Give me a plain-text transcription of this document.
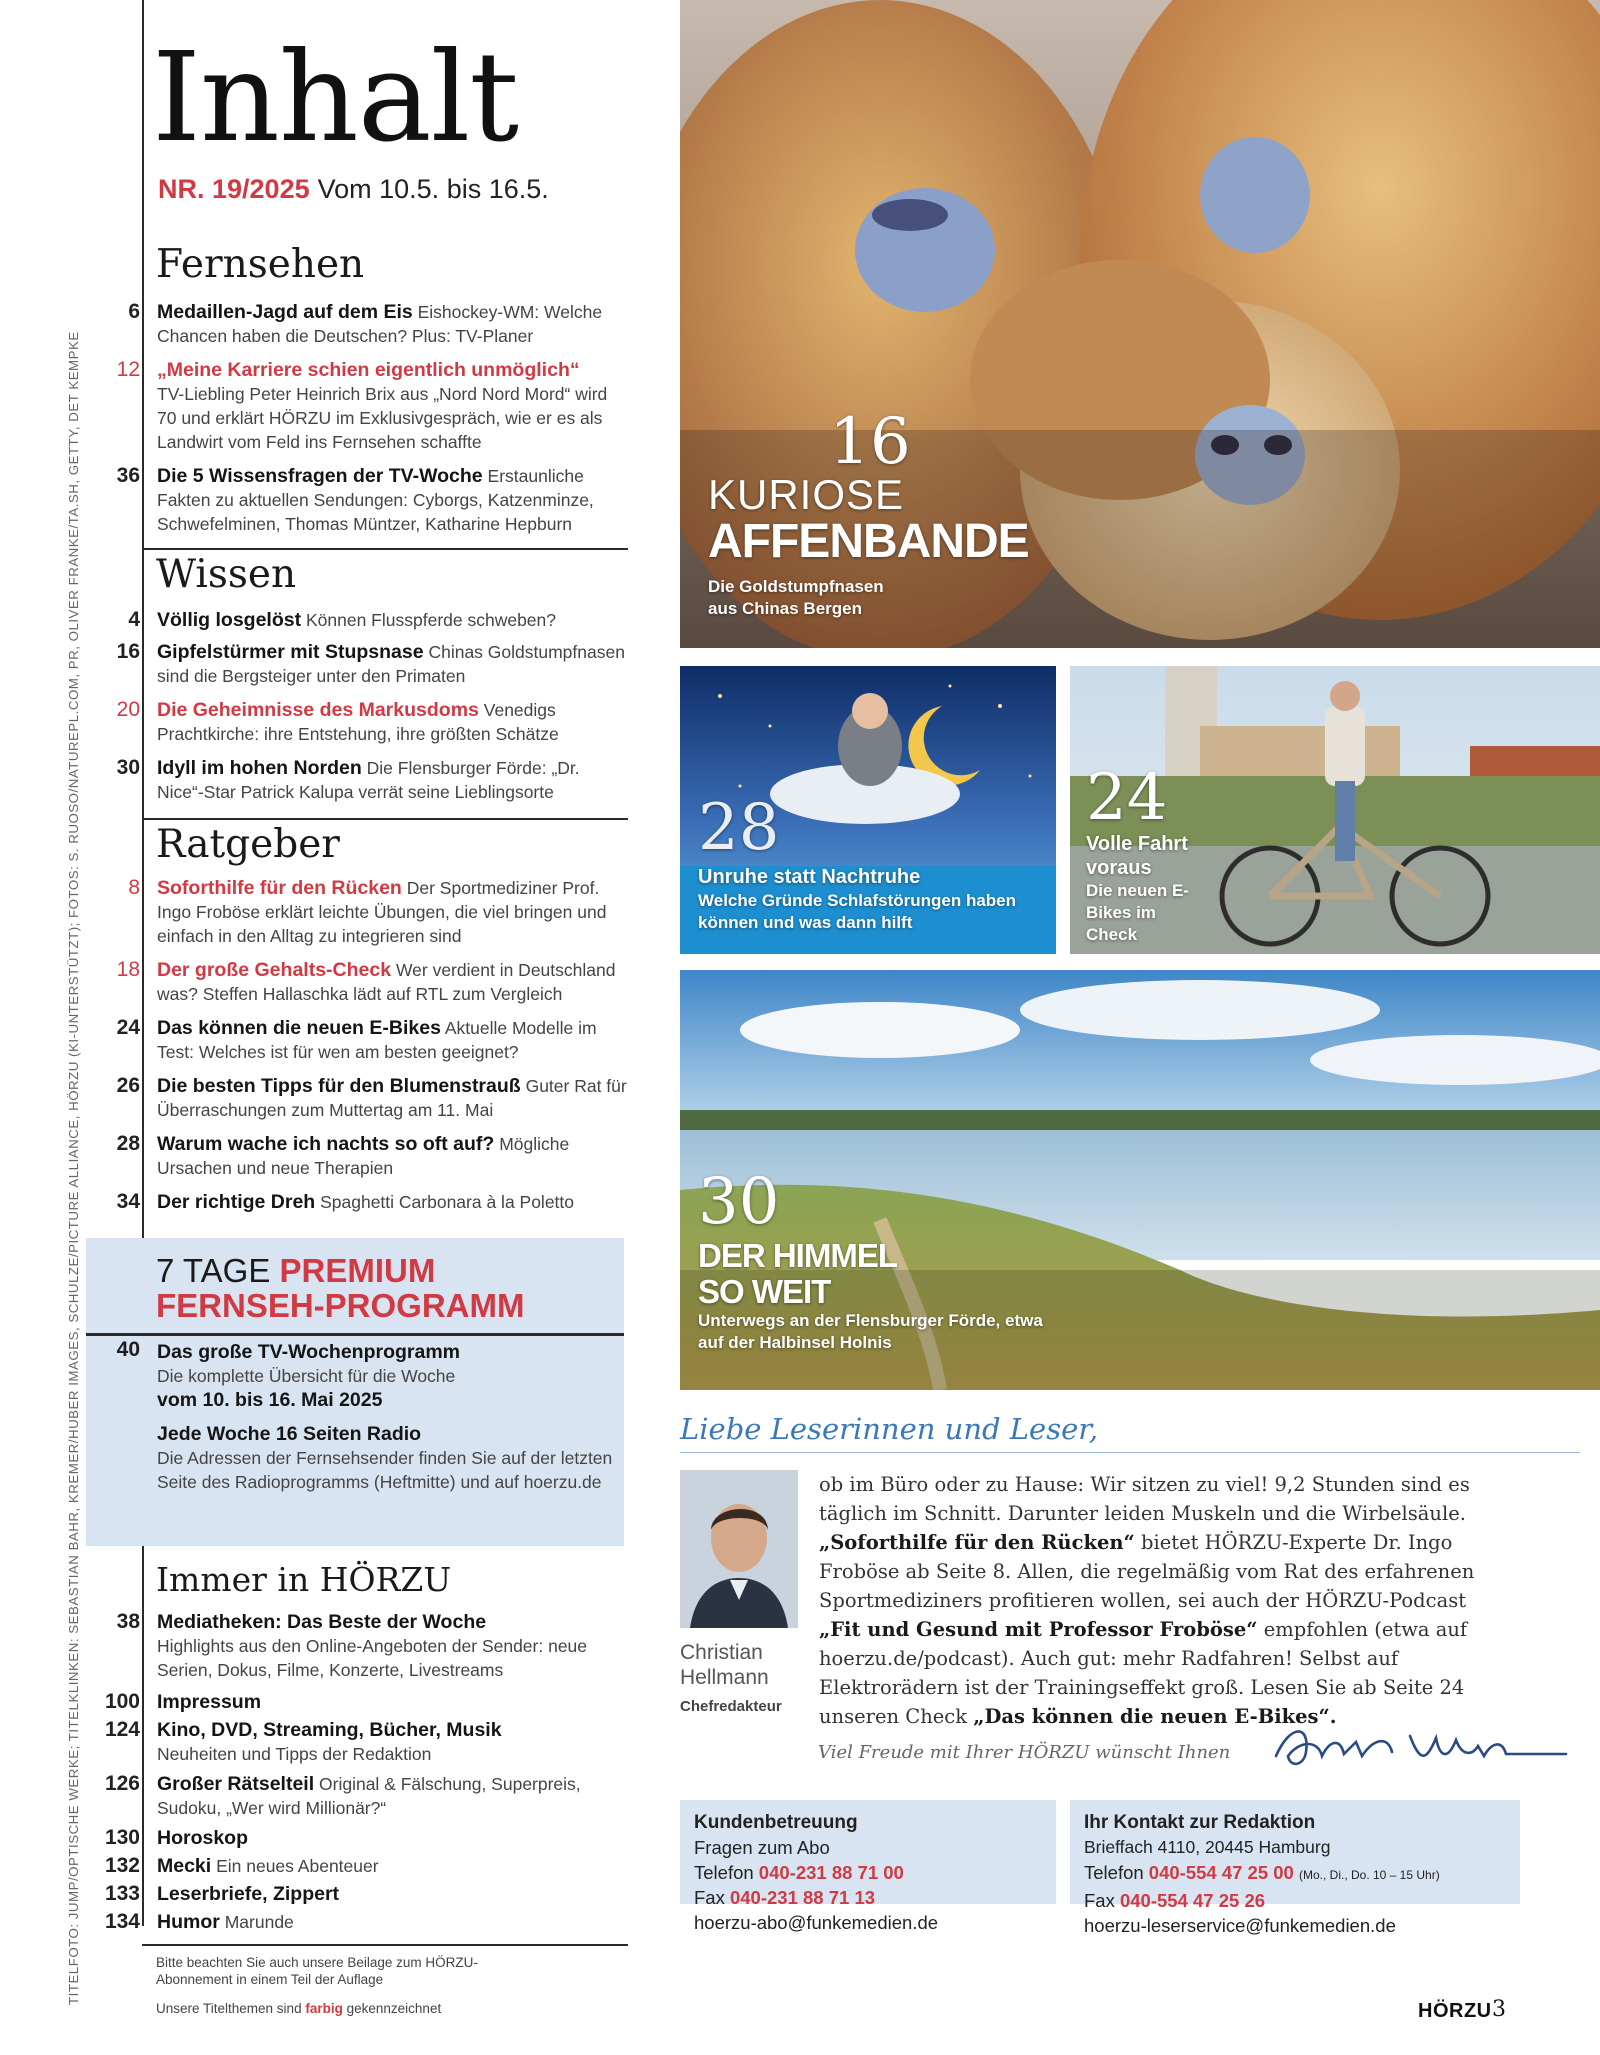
TITELFOTO: JUMP/OPTISCHE WERKE; TITELKLINKEN: SEBASTIAN BAHR, KREMER/HUBER IMAGES, SCHULZE/PICTURE ALLIANCE, HÖRZU (KI-UNTERSTÜTZT); FOTOS: S. RUOSO/NATUREPL.COM, PR, OLIVER FRANKE/TA.SH, GETTY, DET KEMPKE
Inhalt
NR. 19/2025 Vom 10.5. bis 16.5.
Fernsehen
6 Medaillen-Jagd auf dem Eis Eishockey-WM: Welche Chancen haben die Deutschen? Plus: TV-Planer
12 „Meine Karriere schien eigentlich unmöglich“
TV-Liebling Peter Heinrich Brix aus „Nord Nord Mord“ wird 70 und erklärt HÖRZU im Exklusivgespräch, wie er es als Landwirt vom Feld ins Fernsehen schaffte
36 Die 5 Wissensfragen der TV-Woche Erstaunliche Fakten zu aktuellen Sendungen: Cyborgs, Katzenminze, Schwefelminen, Thomas Müntzer, Katharine Hepburn
Wissen
4 Völlig losgelöst Können Flusspferde schweben?
16 Gipfelstürmer mit Stupsnase Chinas Goldstumpfnasen sind die Bergsteiger unter den Primaten
20 Die Geheimnisse des Markusdoms Venedigs Prachtkirche: ihre Entstehung, ihre größten Schätze
30 Idyll im hohen Norden Die Flensburger Förde: „Dr. Nice“-Star Patrick Kalupa verrät seine Lieblingsorte
Ratgeber
8 Soforthilfe für den Rücken Der Sportmediziner Prof. Ingo Froböse erklärt leichte Übungen, die viel bringen und einfach in den Alltag zu integrieren sind
18 Der große Gehalts-Check Wer verdient in Deutschland was? Steffen Hallaschka lädt auf RTL zum Vergleich
24 Das können die neuen E-Bikes Aktuelle Modelle im Test: Welches ist für wen am besten geeignet?
26 Die besten Tipps für den Blumenstrauß Guter Rat für Überraschungen zum Muttertag am 11. Mai
28 Warum wache ich nachts so oft auf? Mögliche Ursachen und neue Therapien
34 Der richtige Dreh Spaghetti Carbonara à la Poletto
7 TAGE PREMIUM
FERNSEH-PROGRAMM
40 Das große TV-Wochenprogramm
Die komplette Übersicht für die Woche
vom 10. bis 16. Mai 2025
Jede Woche 16 Seiten Radio
Die Adressen der Fernsehsender finden Sie auf der letzten Seite des Radioprogramms (Heftmitte) und auf hoerzu.de
Immer in HÖRZU
38 Mediatheken: Das Beste der Woche
Highlights aus den Online-Angeboten der Sender: neue Serien, Dokus, Filme, Konzerte, Livestreams
100 Impressum
124 Kino, DVD, Streaming, Bücher, Musik
Neuheiten und Tipps der Redaktion
126 Großer Rätselteil Original & Fälschung, Superpreis, Sudoku, „Wer wird Millionär?“
130 Horoskop
132 Mecki Ein neues Abenteuer
133 Leserbriefe, Zippert
134 Humor Marunde
Bitte beachten Sie auch unsere Beilage zum HÖRZU-Abonnement in einem Teil der Auflage
Unsere Titelthemen sind farbig gekennzeichnet
16
KURIOSE
AFFENBANDE
Die Goldstumpfnasen aus Chinas Bergen
28
Unruhe statt Nachtruhe
Welche Gründe Schlafstörungen haben können und was dann hilft
24
Volle Fahrt voraus
Die neuen E-Bikes im Check
30
DER HIMMEL
SO WEIT
Unterwegs an der Flensburger Förde, etwa auf der Halbinsel Holnis
Liebe Leserinnen und Leser,
Christian
Hellmann
Chefredakteur
ob im Büro oder zu Hause: Wir sitzen zu viel! 9,2 Stunden sind es täglich im Schnitt. Darunter leiden Muskeln und die Wirbelsäule. „Soforthilfe für den Rücken“ bietet HÖRZU-Experte Dr. Ingo Froböse ab Seite 8. Allen, die regelmäßig vom Rat des erfahrenen Sportmediziners profitieren wollen, sei auch der HÖRZU-Podcast „Fit und Gesund mit Professor Froböse“ empfohlen (etwa auf hoerzu.de/podcast). Auch gut: mehr Radfahren! Selbst auf Elektrorädern ist der Trainingseffekt groß. Lesen Sie ab Seite 24 unseren Check „Das können die neuen E-Bikes“.
Viel Freude mit Ihrer HÖRZU wünscht Ihnen
Kundenbetreuung
Fragen zum Abo
Telefon 040-231 88 71 00
Fax 040-231 88 71 13
hoerzu-abo@funkemedien.de
Ihr Kontakt zur Redaktion
Brieffach 4110, 20445 Hamburg
Telefon 040-554 47 25 00 (Mo., Di., Do. 10 – 15 Uhr)
Fax 040-554 47 25 26
hoerzu-leserservice@funkemedien.de
HÖRZU 3
